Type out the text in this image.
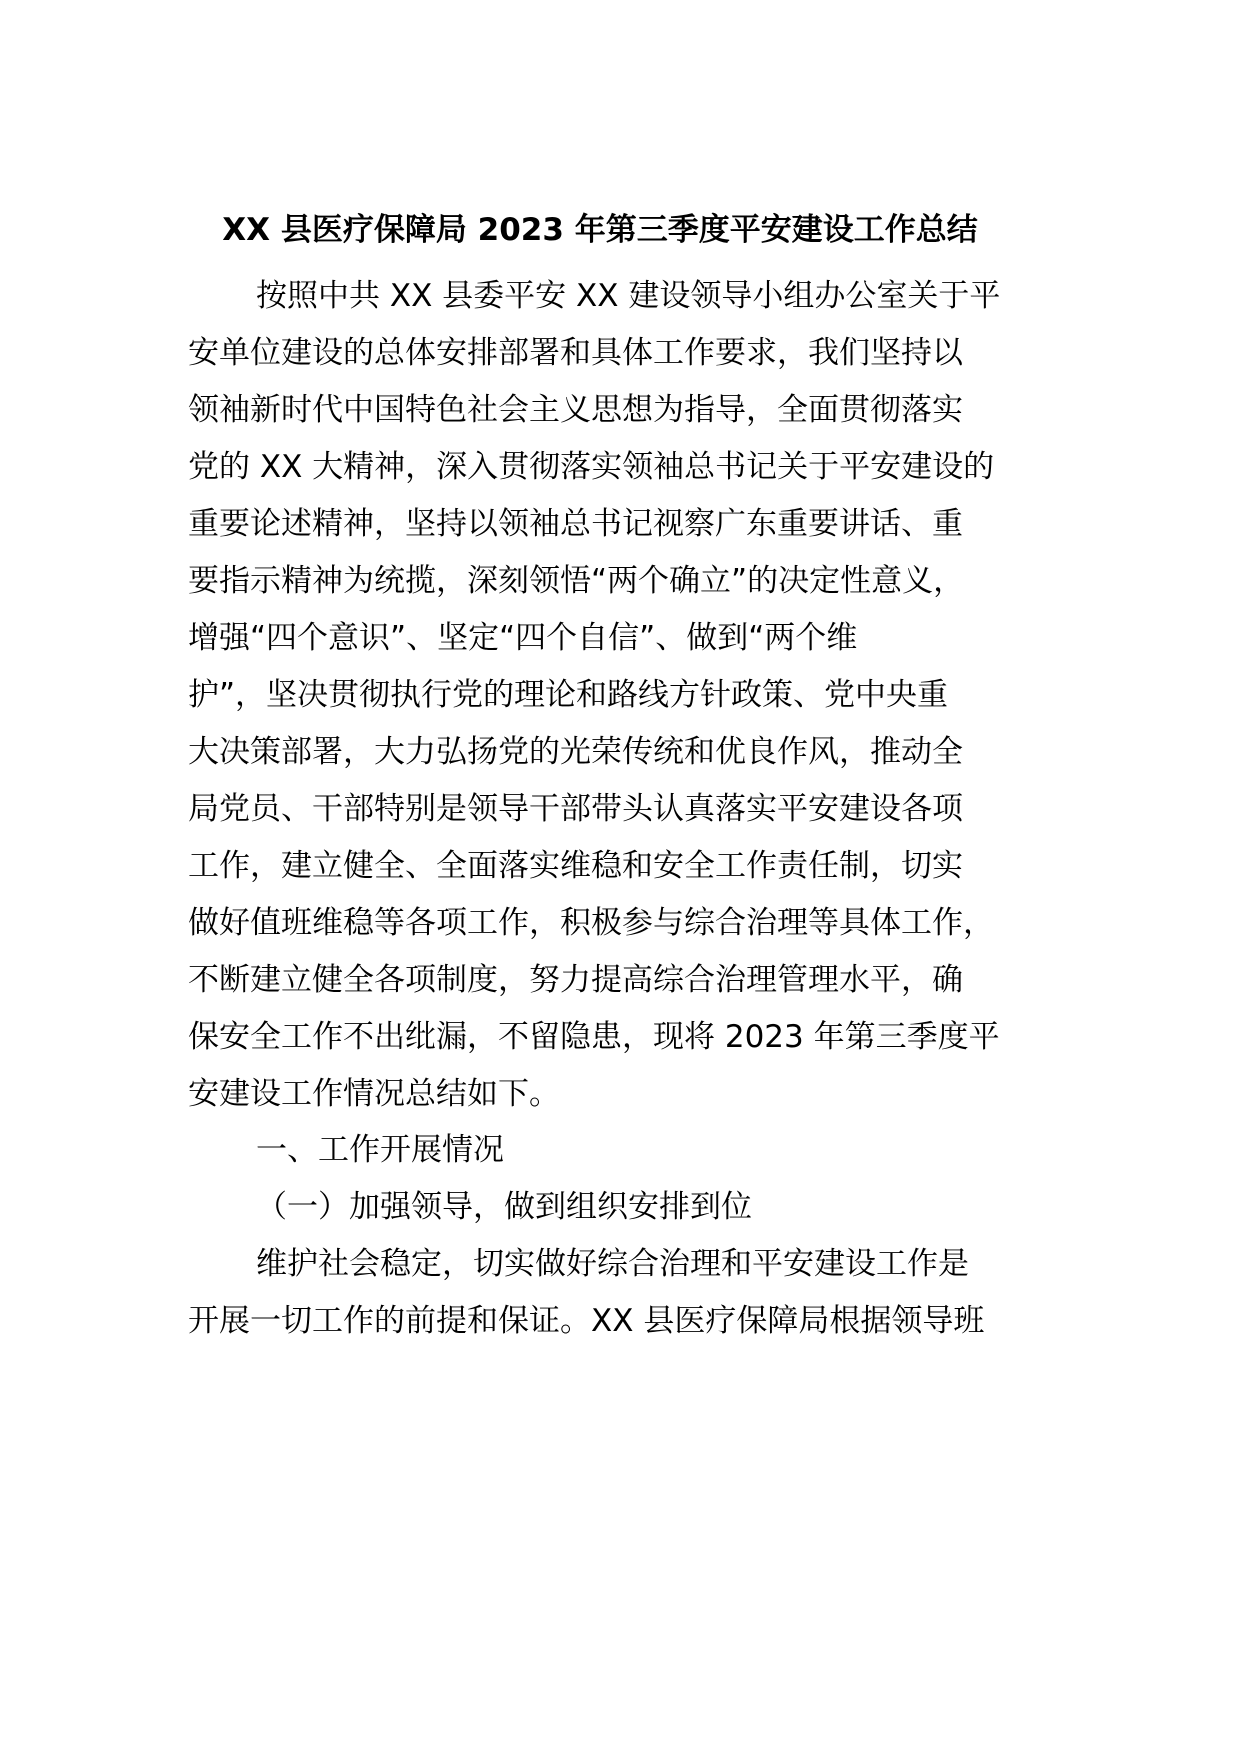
XX 县医疗保障局 2023 年第三季度平安建设工作总结

按照中共 XX 县委平安 XX 建设领导小组办公室关于平

安单位建设的总体安排部署和具体工作要求，我们坚持以

领袖新时代中国特色社会主义思想为指导，全面贯彻落实

党的 XX 大精神，深入贯彻落实领袖总书记关于平安建设的

重要论述精神，坚持以领袖总书记视察广东重要讲话、重

要指示精神为统揽，深刻领悟“两个确立”的决定性意义，

增强“四个意识”、坚定“四个自信”、做到“两个维

护”，坚决贯彻执行党的理论和路线方针政策、党中央重

大决策部署，大力弘扬党的光荣传统和优良作风，推动全

局党员、干部特别是领导干部带头认真落实平安建设各项

工作，建立健全、全面落实维稳和安全工作责任制，切实

做好值班维稳等各项工作，积极参与综合治理等具体工作，

不断建立健全各项制度，努力提高综合治理管理水平，确

保安全工作不出纰漏，不留隐患，现将 2023 年第三季度平

安建设工作情况总结如下。

一、工作开展情况

（一）加强领导，做到组织安排到位

维护社会稳定，切实做好综合治理和平安建设工作是

开展一切工作的前提和保证。XX 县医疗保障局根据领导班
